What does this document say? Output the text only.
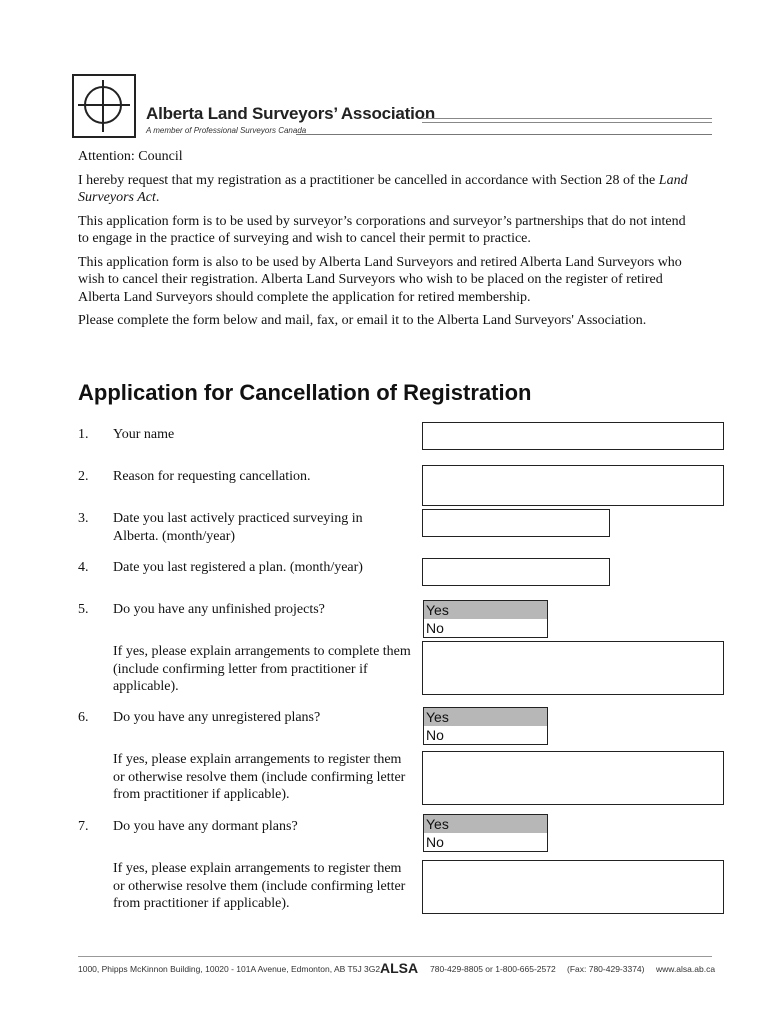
Alberta Land Surveyors’ Association
A member of Professional Surveyors Canada

Attention: Council

I hereby request that my registration as a practitioner be cancelled in accordance with Section 28 of the Land Surveyors Act.

This application form is to be used by surveyor’s corporations and surveyor’s partnerships that do not intend to engage in the practice of surveying and wish to cancel their permit to practice.

This application form is also to be used by Alberta Land Surveyors and retired Alberta Land Surveyors who wish to cancel their registration. Alberta Land Surveyors who wish to be placed on the register of retired Alberta Land Surveyors should complete the application for retired membership.

Please complete the form below and mail, fax, or email it to the Alberta Land Surveyors' Association.

Application for Cancellation of Registration
1. Your name
2. Reason for requesting cancellation.
3. Date you last actively practiced surveying in Alberta. (month/year)
4. Date you last registered a plan. (month/year)
5. Do you have any unfinished projects?	Yes
No
If yes, please explain arrangements to complete them (include confirming letter from practitioner if applicable).
6. Do you have any unregistered plans?	Yes
No
If yes, please explain arrangements to register them or otherwise resolve them (include confirming letter from practitioner if applicable).
7. Do you have any dormant plans?	Yes
No
If yes, please explain arrangements to register them or otherwise resolve them (include confirming letter from practitioner if applicable).
1000, Phipps McKinnon Building, 10020 - 101A Avenue, Edmonton, AB T5J 3G2 ALSA 780-429-8805 or 1-800-665-2572 (Fax: 780-429-3374) www.alsa.ab.ca
